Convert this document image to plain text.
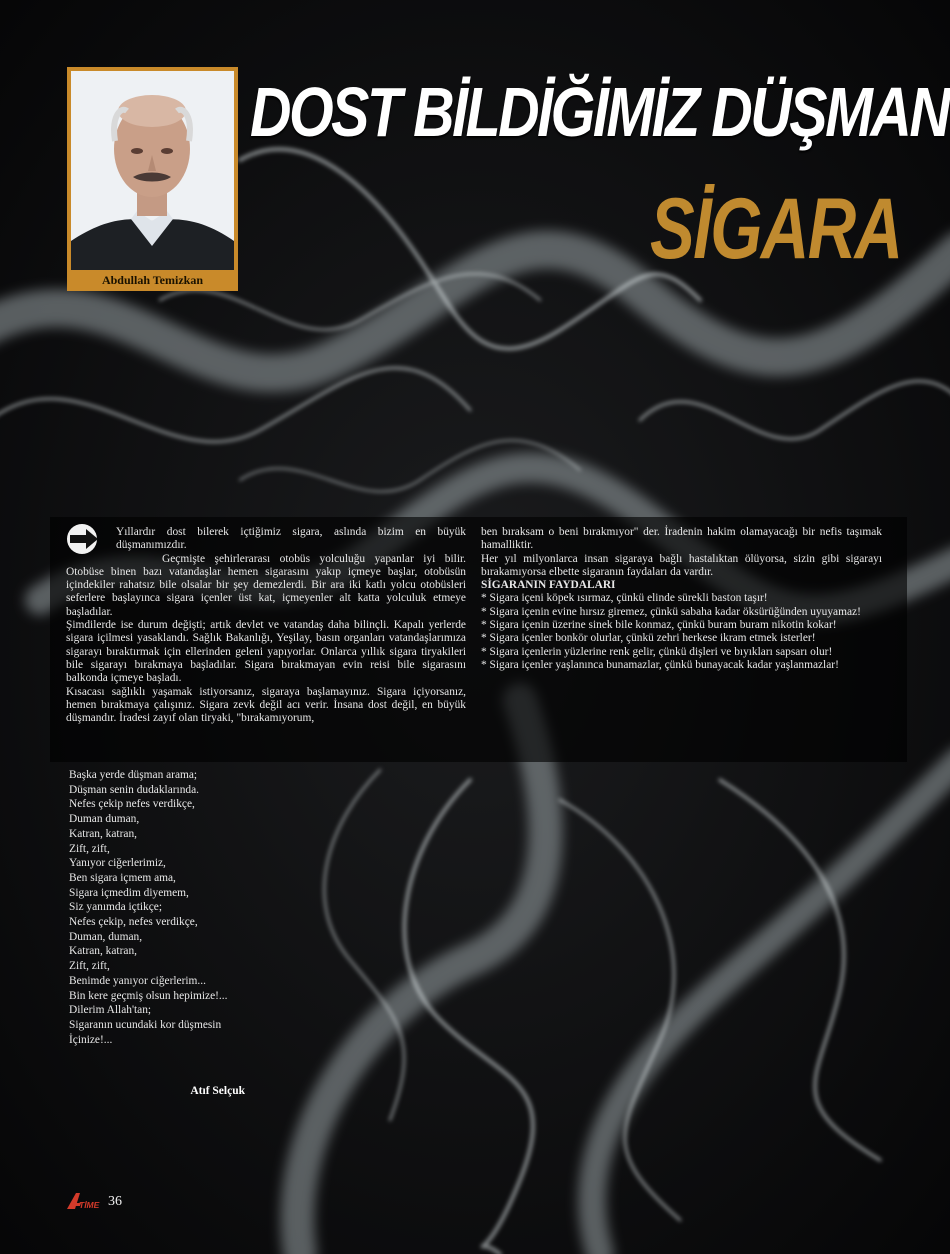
Abdullah Temizkan
DOST BİLDİĞİMİZ DÜŞMAN
SİGARA

Yıllardır dost bilerek içtiğimiz sigara, aslında bizim en büyük düşmanımızdır.

Geçmişte şehirlerarası otobüs yolculuğu yapanlar iyi bilir. Otobüse binen bazı vatandaşlar hemen sigarasını yakıp içmeye başlar, otobüsün içindekiler rahatsız bile olsalar bir şey demezlerdi. Bir ara iki katlı yolcu otobüsleri seferlere başlayınca sigara içenler üst kat, içmeyenler alt katta yolculuk etmeye başladılar.

Şimdilerde ise durum değişti; artık devlet ve vatandaş daha bilinçli. Kapalı yerlerde sigara içilmesi yasaklandı. Sağlık Bakanlığı, Yeşilay, basın organları vatandaşlarımıza sigarayı bıraktırmak için ellerinden geleni yapıyorlar. Onlarca yıllık sigara tiryakileri bile sigarayı bırakmaya başladılar. Sigara bırakmayan evin reisi bile sigarasını balkonda içmeye başladı.

Kısacası sağlıklı yaşamak istiyorsanız, sigaraya başlamayınız. Sigara içiyorsanız, hemen bırakmaya çalışınız. Sigara zevk değil acı verir. İnsana dost değil, en büyük düşmandır. İradesi zayıf olan tiryaki, "bırakamıyorum,

ben bıraksam o beni bırakmıyor" der. İradenin hakim olamayacağı bir nefis taşımak hamalliktir.

Her yıl milyonlarca insan sigaraya bağlı hastalıktan ölüyorsa, sizin gibi sigarayı bırakamıyorsa elbette sigaranın faydaları da vardır.

SİGARANIN FAYDALARI

* Sigara içeni köpek ısırmaz, çünkü elinde sürekli baston taşır!

* Sigara içenin evine hırsız giremez, çünkü sabaha kadar öksürüğünden uyuyamaz!

* Sigara içenin üzerine sinek bile konmaz, çünkü buram buram nikotin kokar!

* Sigara içenler bonkör olurlar, çünkü zehri herkese ikram etmek isterler!

* Sigara içenlerin yüzlerine renk gelir, çünkü dişleri ve bıyıkları sapsarı olur!

* Sigara içenler yaşlanınca bunamazlar, çünkü bunayacak kadar yaşlanmazlar!

Başka yerde düşman arama;

Düşman senin dudaklarında.

Nefes çekip nefes verdikçe,

Duman duman,

Katran, katran,

Zift, zift,

Yanıyor ciğerlerimiz,

Ben sigara içmem ama,

Sigara içmedim diyemem,

Siz yanımda içtikçe;

Nefes çekip, nefes verdikçe,

Duman, duman,

Katran, katran,

Zift, zift,

Benimde yanıyor ciğerlerim...

Bin kere geçmiş olsun hepimize!...

Dilerim Allah'tan;

Sigaranın ucundaki kor düşmesin

İçinize!...

Atıf Selçuk
TİME 36
